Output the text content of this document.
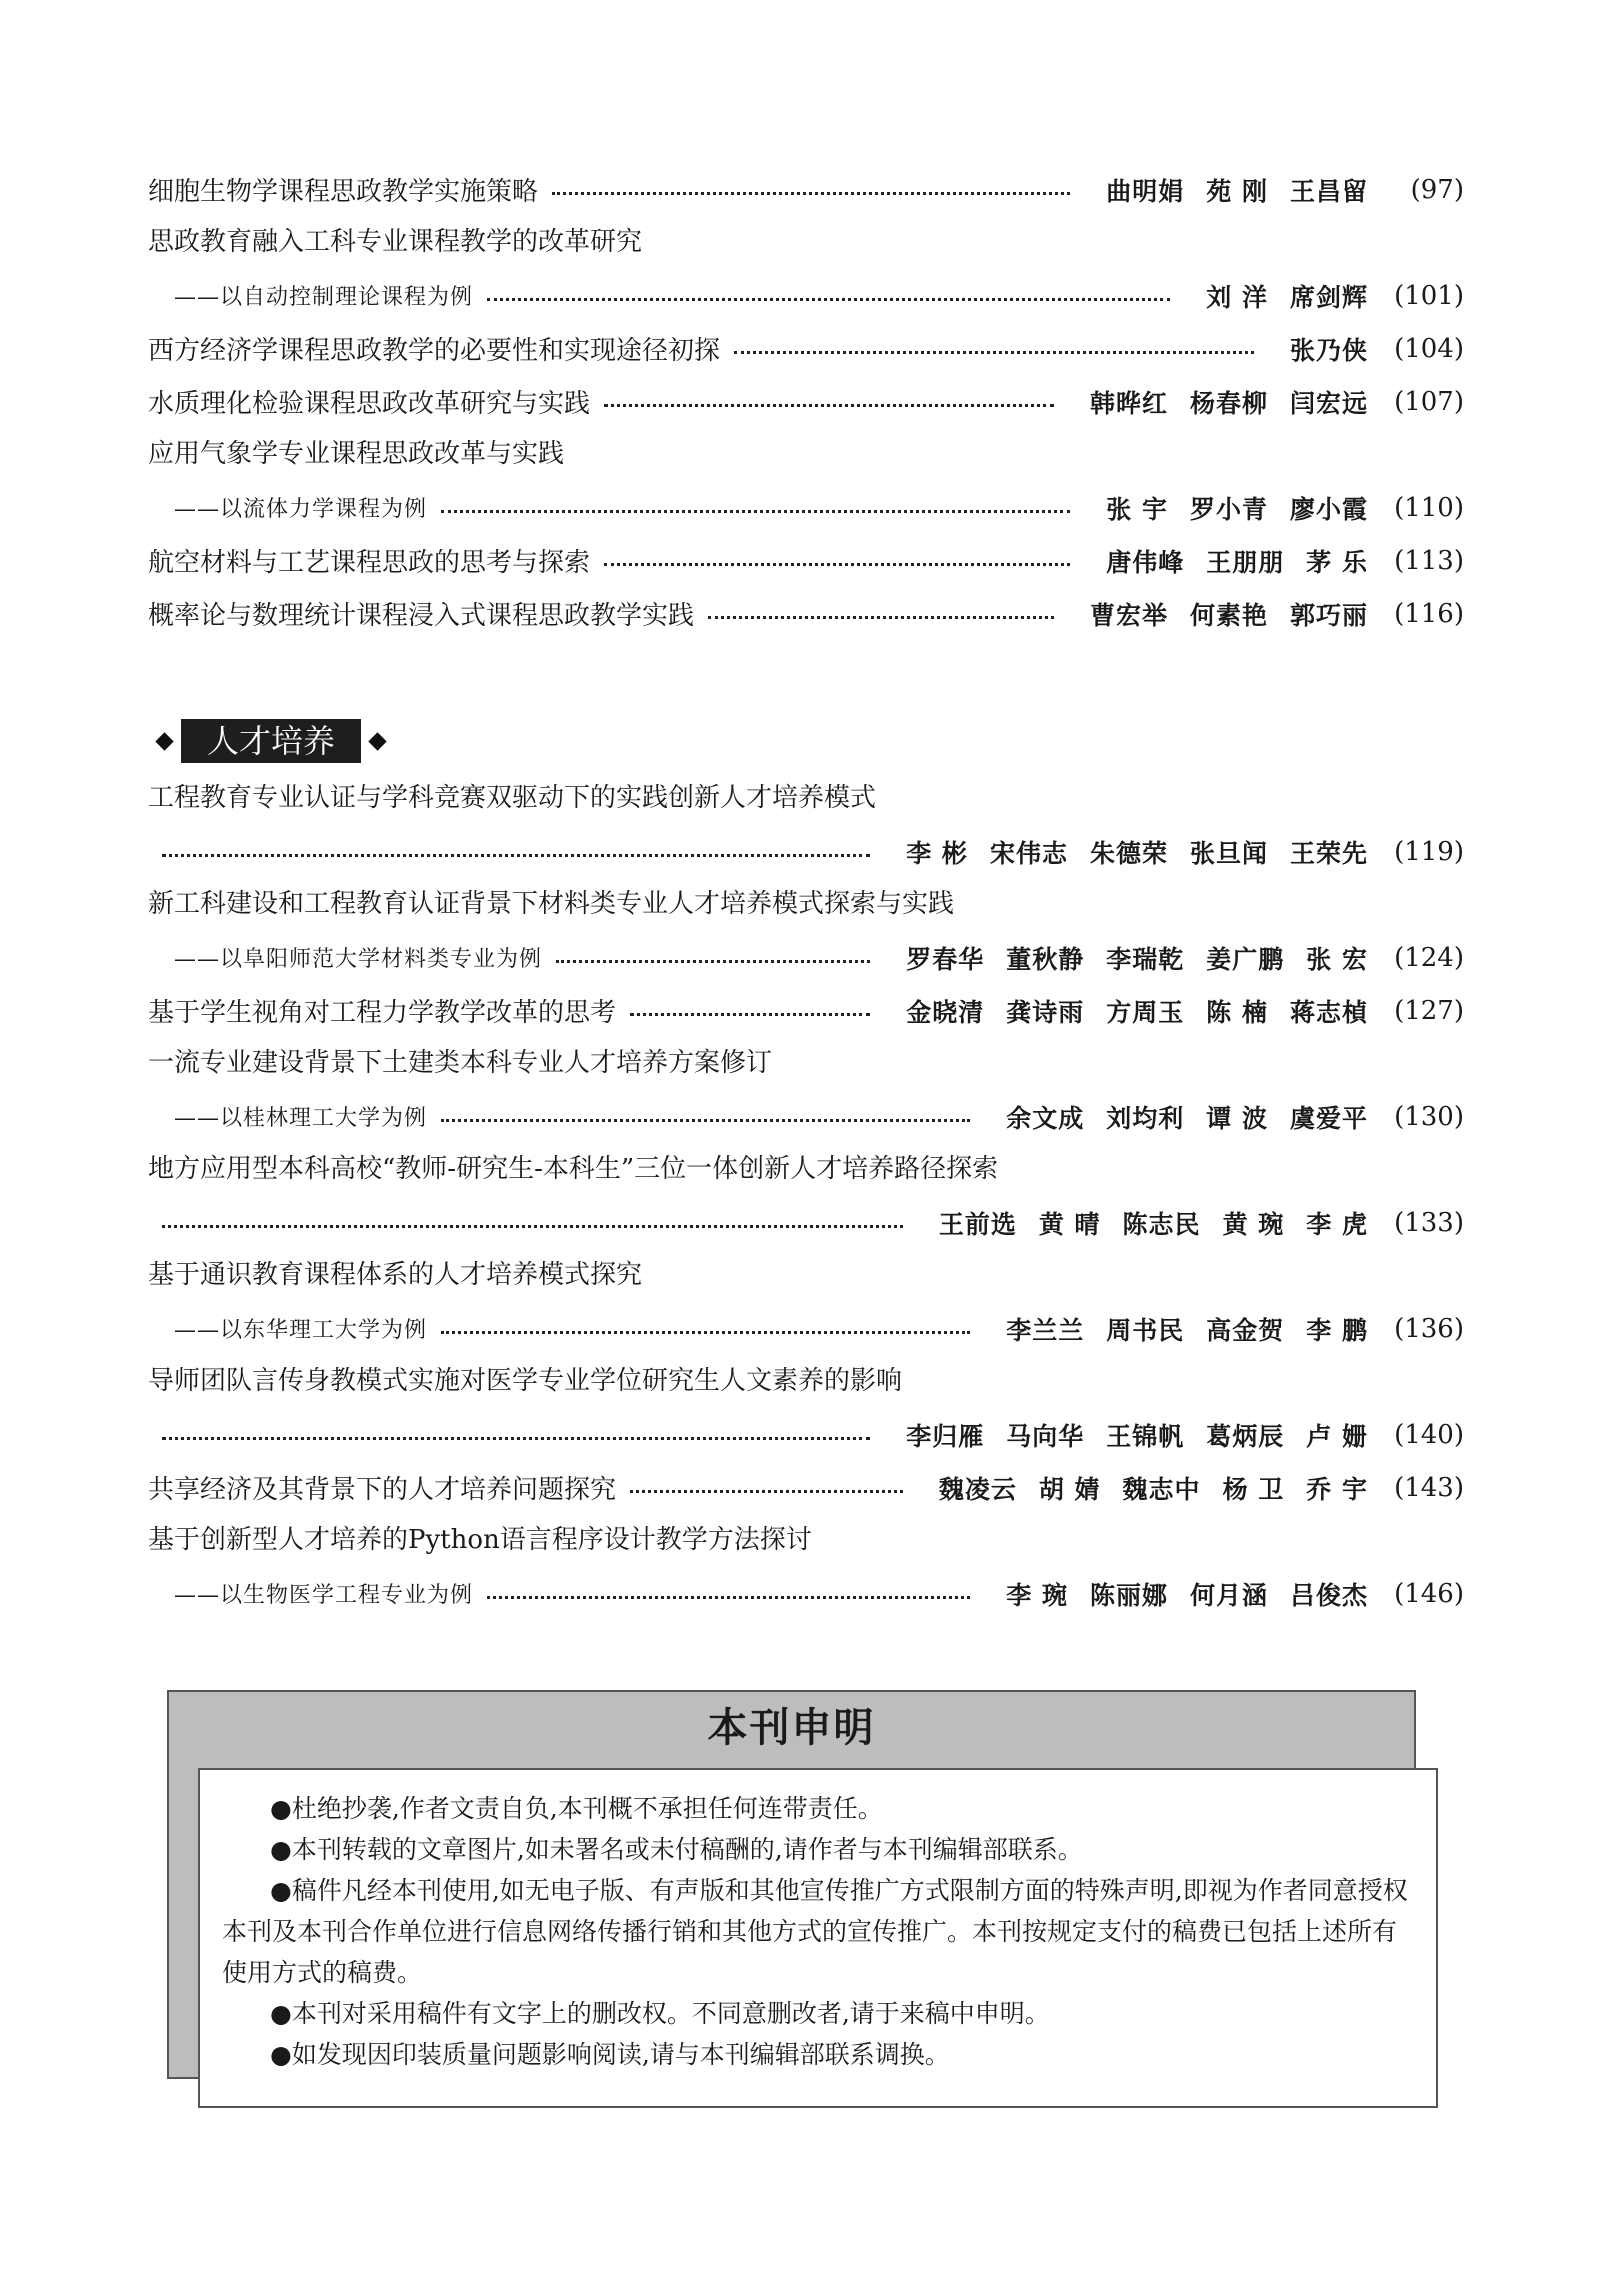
细胞生物学课程思政教学实施策略	曲明娟 苑 刚 王昌留	(97)
思政教育融入工科专业课程教学的改革研究
——以自动控制理论课程为例	刘 洋 席剑辉 (101)
西方经济学课程思政教学的必要性和实现途径初探	张乃侠 (104)
水质理化检验课程思政改革研究与实践	韩晔红 杨春柳 闫宏远 (107)
应用气象学专业课程思政改革与实践
——以流体力学课程为例	张 宇 罗小青 廖小霞 (110)
航空材料与工艺课程思政的思考与探索	唐伟峰 王朋朋 茅 乐 (113)
概率论与数理统计课程浸入式课程思政教学实践	曹宏举 何素艳 郭巧丽 (116)
人才培养
工程教育专业认证与学科竞赛双驱动下的实践创新人才培养模式
李 彬 宋伟志 朱德荣 张旦闻 王荣先 (119)
新工科建设和工程教育认证背景下材料类专业人才培养模式探索与实践
——以阜阳师范大学材料类专业为例	罗春华 董秋静 李瑞乾 姜广鹏 张 宏 (124)
基于学生视角对工程力学教学改革的思考	金晓清 龚诗雨 方周玉 陈 楠 蒋志楨 (127)
一流专业建设背景下土建类本科专业人才培养方案修订
——以桂林理工大学为例	余文成 刘均利 谭 波 虞爱平 (130)
地方应用型本科高校“教师-研究生-本科生”三位一体创新人才培养路径探索
王前选 黄 晴 陈志民 黄 琬 李 虎 (133)
基于通识教育课程体系的人才培养模式探究
——以东华理工大学为例	李兰兰 周书民 高金贺 李 鹏 (136)
导师团队言传身教模式实施对医学专业学位研究生人文素养的影响
李归雁 马向华 王锦帆 葛炳辰 卢 姗 (140)
共享经济及其背景下的人才培养问题探究	魏凌云 胡 婧 魏志中 杨 卫 乔 宇 (143)
基于创新型人才培养的Python语言程序设计教学方法探讨
——以生物医学工程专业为例	李 琬 陈丽娜 何月涵 吕俊杰 (146)
本刊申明

●杜绝抄袭,作者文责自负,本刊概不承担任何连带责任。

●本刊转载的文章图片,如未署名或未付稿酬的,请作者与本刊编辑部联系。

●稿件凡经本刊使用,如无电子版、有声版和其他宣传推广方式限制方面的特殊声明,即视为作者同意授权本刊及本刊合作单位进行信息网络传播行销和其他方式的宣传推广。本刊按规定支付的稿费已包括上述所有使用方式的稿费。

●本刊对采用稿件有文字上的删改权。不同意删改者,请于来稿中申明。

●如发现因印装质量问题影响阅读,请与本刊编辑部联系调换。
